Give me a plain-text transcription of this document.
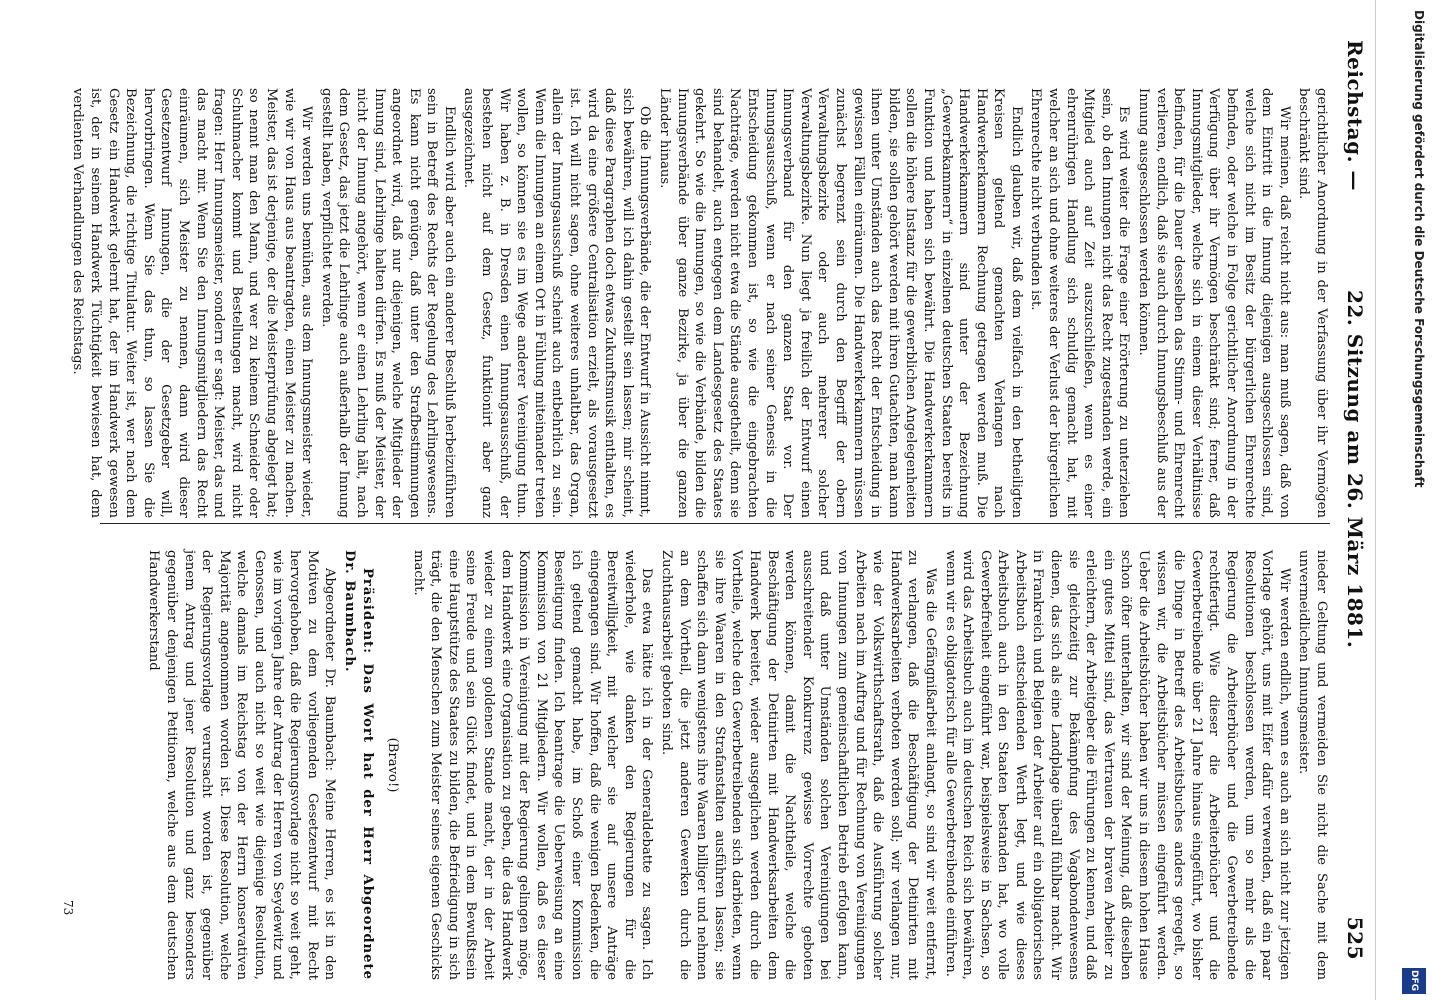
Reichstag. —
22. Sitzung am 26. März 1881.
525

gerichtlicher Anordnung in der Verfassung über ihr Vermögen beschränkt sind.

Wir meinen, daß reicht nicht aus: man muß sagen, daß von dem Eintritt in die Innung diejenigen ausgeschlossen sind, welche sich nicht im Besitz der bürgerlichen Ehrenrechte befinden, oder welche in Folge gerichtlicher Anordnung in der Verfügung über ihr Vermögen beschränkt sind; ferner, daß Innungsmitglieder, welche sich in einem dieser Verhältnisse befinden, für die Dauer desselben das Stimm- und Ehrenrecht verlieren, endlich, daß sie auch durch Innungsbeschluß aus der Innung ausgeschlossen werden können.

Es wird weiter die Frage einer Erörterung zu unterziehen sein, ob den Innungen nicht das Recht zugestanden werde, ein Mitglied auch auf Zeit auszuschließen, wenn es einer ehrenrührigen Handlung sich schuldig gemacht hat, mit welcher an sich und ohne weiteres der Verlust der bürgerlichen Ehrenrechte nicht verbunden ist.

Endlich glauben wir, daß dem vielfach in den betheiligten Kreisen geltend gemachten Verlangen nach Handwerkerkammern Rechnung getragen werden muß. Die Handwerkerkammern sind unter der Bezeichnung „Gewerbekammern“ in einzelnen deutschen Staaten bereits in Funktion und haben sich bewährt. Die Handwerkerkammern sollen die höhere Instanz für die gewerblichen Angelegenheiten bilden, sie sollen gehört werden mit ihren Gutachten, man kann ihnen unter Umständen auch das Recht der Entscheidung in gewissen Fällen einräumen. Die Handwerkerkammern müssen zunächst begrenzt sein durch den Begriff der obern Verwaltungsbezirke oder auch mehrerer solcher Verwaltungsbezirke. Nun liegt ja freilich der Entwurf einen Innungsverband für den ganzen Staat vor. Der Innungsausschuß, wenn er nach seiner Genesis in die Entscheidung gekommen ist, so wie die eingebrachten Nachträge, werden nicht etwa die Stände ausgetheilt, denn sie sind behandelt, auch entgegen dem Landesgesetz des Staates gekehrt. So wie die Innungen, so wie die Verbände, bilden die Innungsverbände über ganze Bezirke, ja über die ganzen Länder hinaus.

Ob die Innungsverbände, die der Entwurf in Aussicht nimmt, sich bewähren, will ich dahin gestellt sein lassen; mir scheint, daß diese Paragraphen doch etwas Zukunftsmusik enthalten, es wird da eine größere Centralisation erzielt, als vorausgesetzt ist. Ich will nicht sagen, ohne weiteres unhaltbar, das Organ, allein der Innungsausschuß scheint auch entbehrlich zu sein. Wenn die Innungen an einem Ort in Fühlung miteinander treten wollen, so können sie es im Wege anderer Vereinigung thun. Wir haben z. B. in Dresden einen Innungsausschuß, der bestehen nicht auf dem Gesetz, funktionirt aber ganz ausgezeichnet.

Endlich wird aber auch ein anderer Beschluß herbeizuführen sein in Betreff des Rechts der Regelung des Lehrlingswesens. Es kann nicht genügen, daß unter den Strafbestimmungen angeordnet wird, daß nur diejenigen, welche Mitglieder der Innung sind, Lehrlinge halten dürfen. Es muß der Meister, der nicht der Innung angehört, wenn er einen Lehrling hält, nach dem Gesetz, das jetzt die Lehrlinge auch außerhalb der Innung gestellt haben, verpflichtet werden.

Wir werden uns bemühen, aus dem Innungsmeister wieder, wie wir von Haus aus beantragten, einen Meister zu machen. Meister, das ist derjenige, der die Meisterprüfung abgelegt hat; so nennt man den Mann, und wer zu keinem Schneider oder Schuhmacher kommt und Bestellungen macht, wird nicht fragen: Herr Innungsmeister, sondern er sagt: Meister, das und das macht mir. Wenn Sie den Innungsmitgliedern das Recht einräumen, sich Meister zu nennen, dann wird dieser Gesetzentwurf Innungen, die der Gesetzgeber will, hervorbringen. Wenn Sie das thun, so lassen Sie die Bezeichnung, die richtige Titulatur. Weiter ist, wer nach dem Gesetz ein Handwerk gelernt hat, der im Handwerk gewesen ist, der in seinem Handwerk Tüchtigkeit bewiesen hat, dem verdienten Verhandlungen des Reichstags.

nieder Geltung und vermeiden Sie nicht die Sache mit dem unvermeidlichen Innungsmeister.

Wir werden endlich, wenn es auch an sich nicht zur jetzigen Vorlage gehört, uns mit Eifer dafür verwenden, daß ein paar Resolutionen beschlossen werden, um so mehr als die Regierung die Arbeiterbücher und die Gewerbetreibende rechtfertigt. Wie dieser die Arbeiterbücher und die Gewerbetreibende über 21 Jahre hinaus eingeführt, wo bisher die Dinge in Betreff des Arbeitsbuches anders geregelt, so wissen wir, die Arbeitsbücher müssen eingeführt werden. Ueber die Arbeitsbücher haben wir uns in diesem hohen Hause schon öfter unterhalten, wir sind der Meinung, daß dieselben ein gutes Mittel sind, das Vertrauen der braven Arbeiter zu erleichtern, der Arbeitgeber die Führungen zu kennen, und daß sie gleichzeitig zur Bekämpfung des Vagabondenwesens dienen, das sich als eine Landplage überall fühlbar macht. Wir in Frankreich und Belgien der Arbeiter auf ein obligatorisches Arbeitsbuch entscheidenden Werth legt, und wie dieses Arbeitsbuch auch in den Staaten bestanden hat, wo volle Gewerbefreiheit eingeführt war, beispielsweise in Sachsen, so wird das Arbeitsbuch auch im deutschen Reich sich bewähren, wenn wir es obligatorisch für alle Gewerbetreibende einführen.

Was die Gefängnißarbeit anlangt, so sind wir weit entfernt, zu verlangen, daß die Beschäftigung der Detinirten mit Handwerksarbeiten verboten werden soll; wir verlangen nur, wie der Volkswirthschaftsrath, daß die Ausführung solcher Arbeiten nach im Auftrag und für Rechnung von Vereinigungen von Innungen zum gemeinschaftlichen Betrieb erfolgen kann, und daß unter Umständen solchen Vereinigungen bei ausschreitender Konkurrenz gewisse Vorrechte geboten werden können, damit die Nachtheile, welche die Beschäftigung der Detinirten mit Handwerksarbeiten dem Handwerk bereitet, wieder ausgeglichen werden durch die Vortheile, welche den Gewerbetreibenden sich darbieten, wenn sie ihre Waaren in den Strafanstalten ausführen lassen; sie schaffen sich dann wenigstens ihre Waaren billiger und nehmen an dem Vortheil, die jetzt anderen Gewerken durch die Zuchthausarbeit geboten sind.

Das etwa hätte ich in der Generaldebatte zu sagen. Ich wiederhole, wie danken den Regierungen für die Bereitwilligkeit, mit welcher sie auf unsere Anträge eingegangen sind. Wir hoffen, daß die wenigen Bedenken, die ich geltend gemacht habe, im Schoß einer Kommission Beseitigung finden. Ich beantrage die Ueberweisung an eine Kommission von 21 Mitgliedern. Wir wollen, daß es dieser Kommission in Vereinigung mit der Regierung gelingen möge, dem Handwerk eine Organisation zu geben, die das Handwerk wieder zu einem goldenen Stande macht, der in der Arbeit seine Freude und sein Glück findet, und in dem Bewußtsein eine Hauptstütze des Staates zu bilden, die Befriedigung in sich trägt, die den Menschen zum Meister seines eigenen Geschicks macht.

(Bravo!)

Präsident: Das Wort hat der Herr Abgeordnete Dr. Baumbach.

Abgeordneter Dr. Baumbach: Meine Herren, es ist in den Motiven zu dem vorliegenden Gesetzentwurf mit Recht hervorgehoben, daß die Regierungsvorlage nicht so weit geht, wie im vorigen Jahre der Antrag der Herren von Seydewitz und Genossen, und auch nicht so weit wie diejenige Resolution, welche damals im Reichstag von der Herrn konservativen Majorität angenommen worden ist. Diese Resolution, welche der Regierungsvorlage verursacht worden ist, gegenüber jenem Antrag und jener Resolution und ganz besonders gegenüber denjenigen Petitionen, welche aus dem deutschen Handwerkerstand

73
Digitalisierung gefördert durch die Deutsche Forschungsgemeinschaft
DFG
